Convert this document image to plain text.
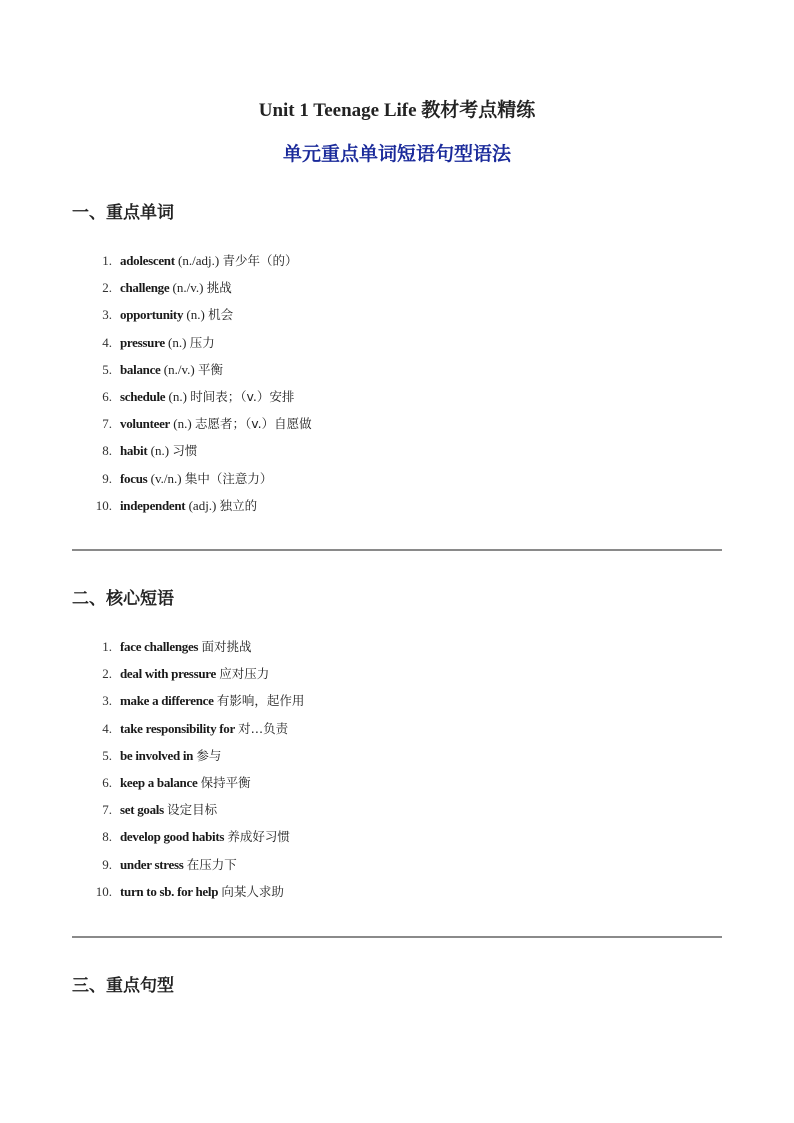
Unit 1 Teenage Life 教材考点精练
单元重点单词短语句型语法
一、重点单词
1. adolescent (n./adj.) 青少年（的）
2. challenge (n./v.) 挑战
3. opportunity (n.) 机会
4. pressure (n.) 压力
5. balance (n./v.) 平衡
6. schedule (n.) 时间表；（v.）安排
7. volunteer (n.) 志愿者；（v.）自愿做
8. habit (n.) 习惯
9. focus (v./n.) 集中（注意力）
10. independent (adj.) 独立的
二、核心短语
1. face challenges 面对挑战
2. deal with pressure 应对压力
3. make a difference 有影响，起作用
4. take responsibility for 对…负责
5. be involved in 参与
6. keep a balance 保持平衡
7. set goals 设定目标
8. develop good habits 养成好习惯
9. under stress 在压力下
10. turn to sb. for help 向某人求助
三、重点句型
